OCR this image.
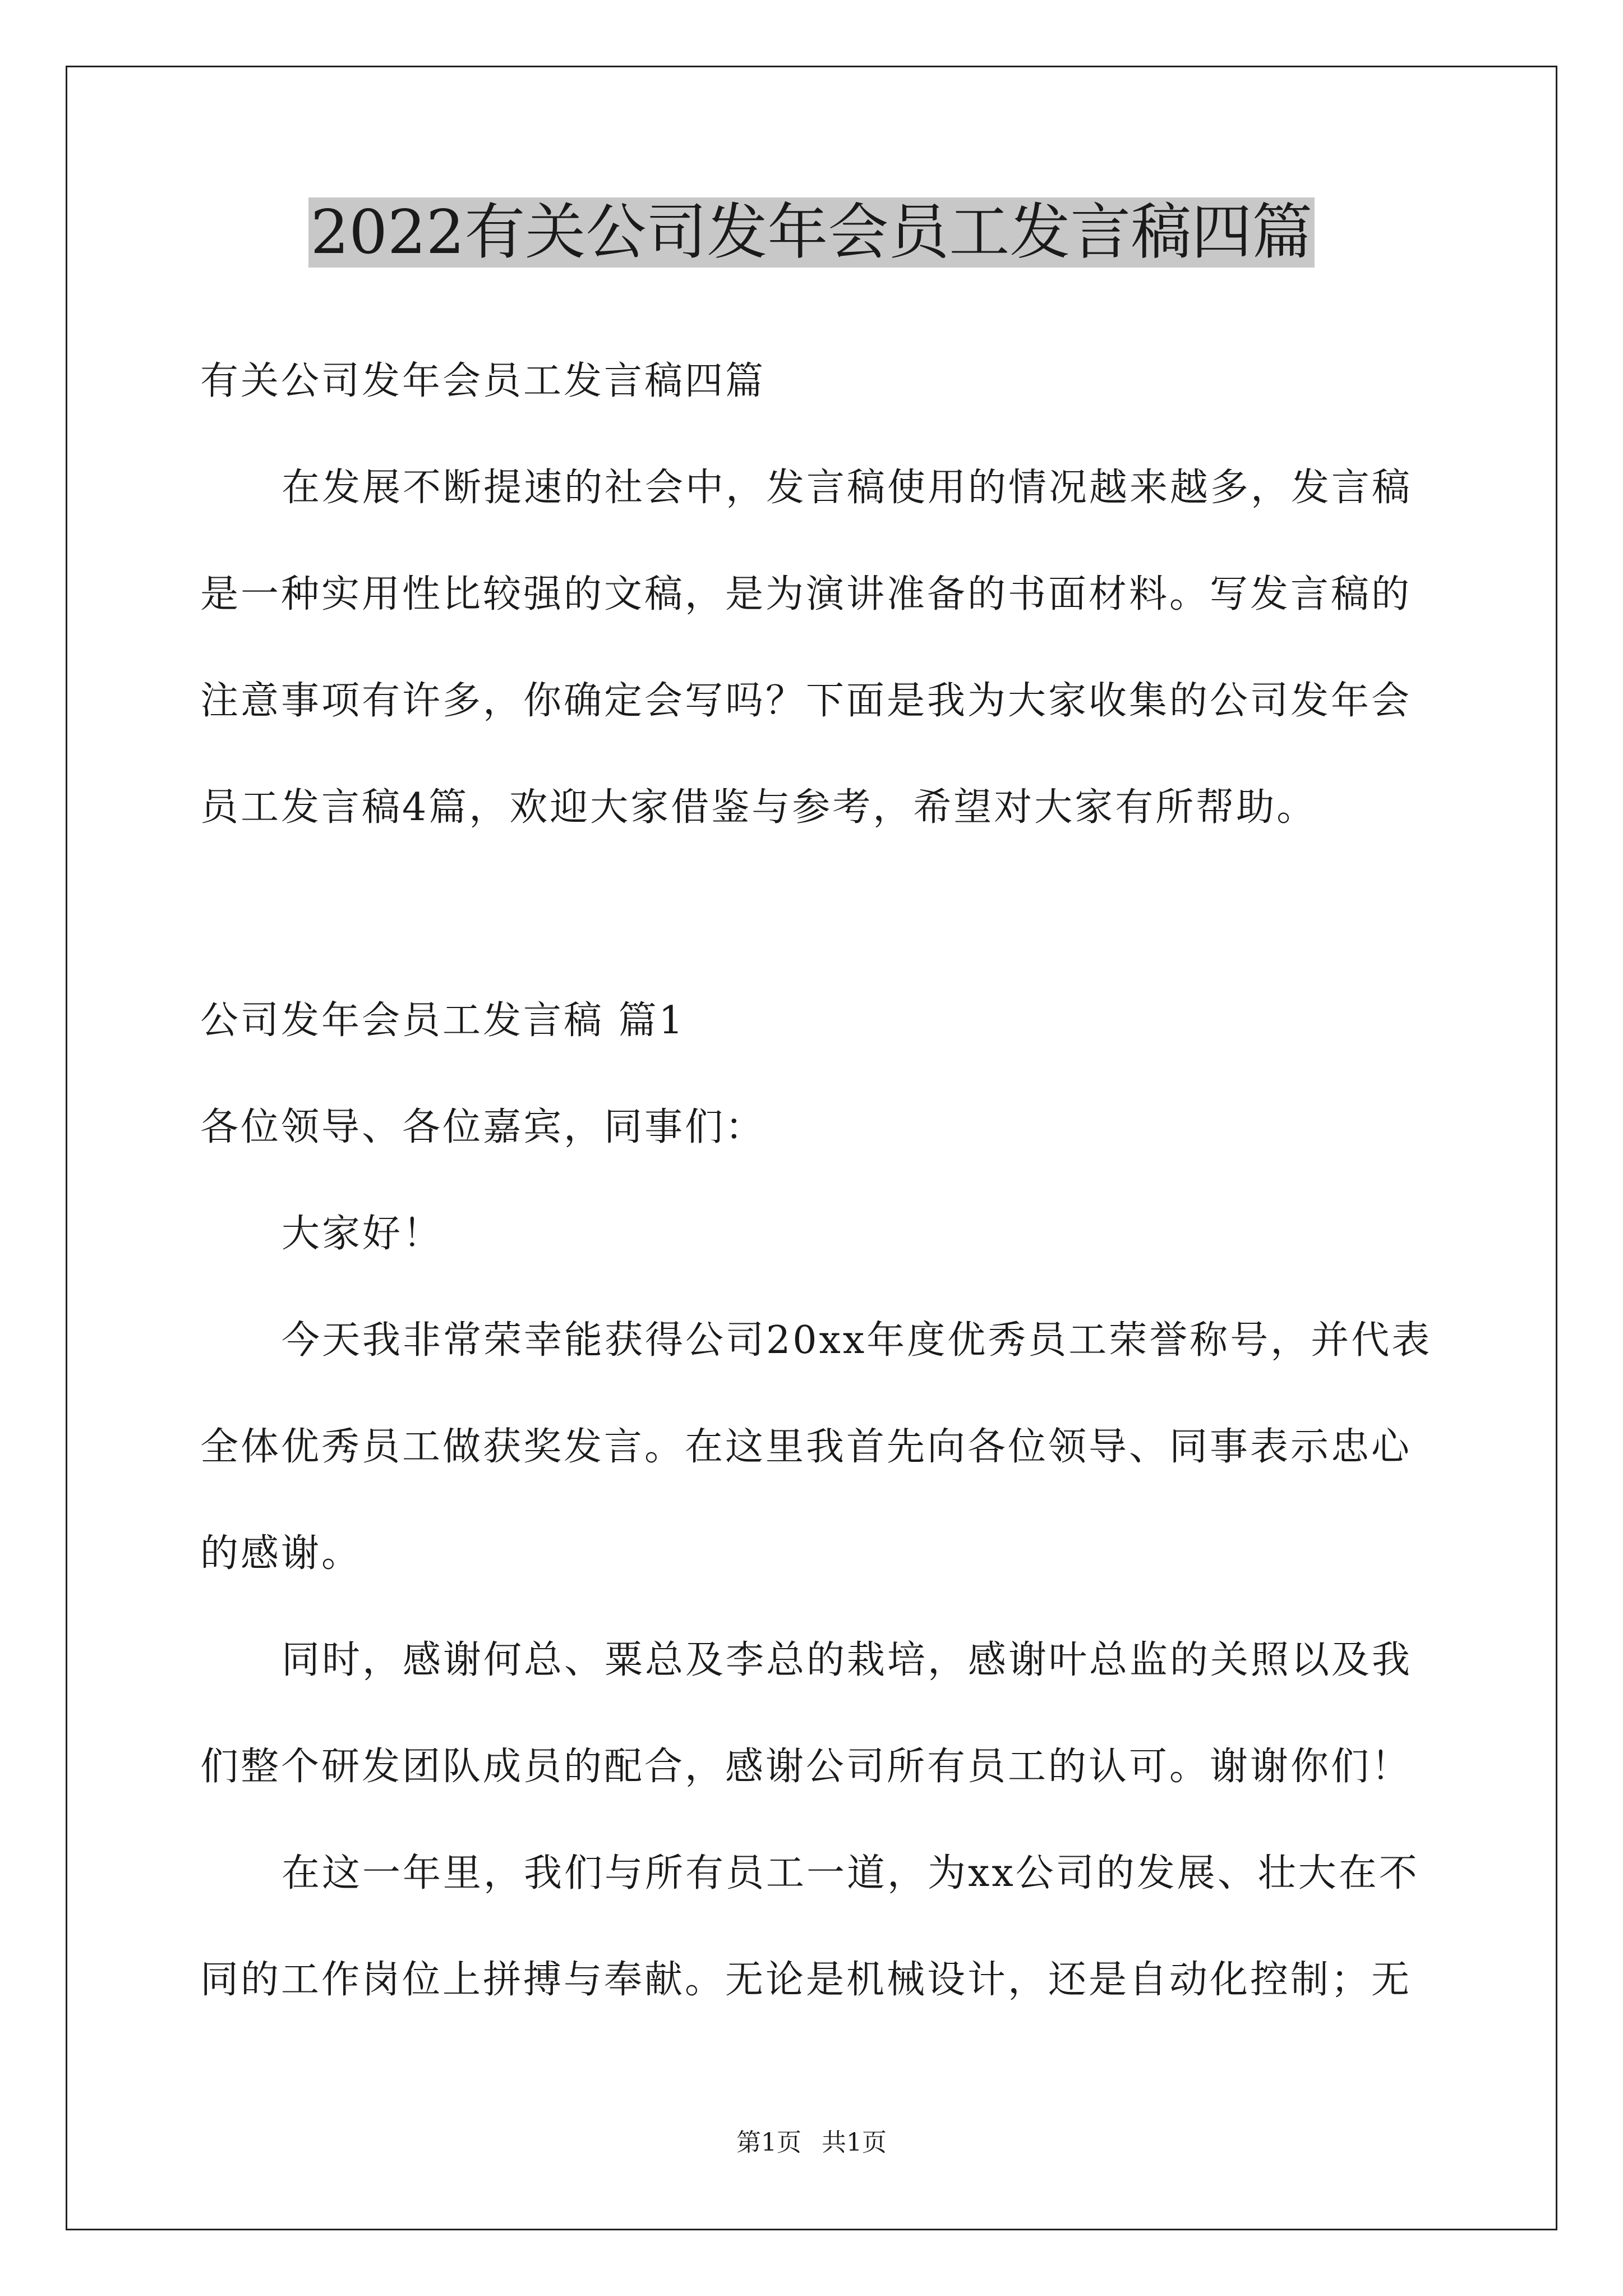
2022有关公司发年会员工发言稿四篇
有关公司发年会员工发言稿四篇
在发展不断提速的社会中，发言稿使用的情况越来越多，发言稿
是一种实用性比较强的文稿，是为演讲准备的书面材料。写发言稿的
注意事项有许多，你确定会写吗？下面是我为大家收集的公司发年会
员工发言稿4篇，欢迎大家借鉴与参考，希望对大家有所帮助。
公司发年会员工发言稿 篇1
各位领导、各位嘉宾，同事们：
大家好！
今天我非常荣幸能获得公司20xx年度优秀员工荣誉称号，并代表
全体优秀员工做获奖发言。在这里我首先向各位领导、同事表示忠心
的感谢。
同时，感谢何总、粟总及李总的栽培，感谢叶总监的关照以及我
们整个研发团队成员的配合，感谢公司所有员工的认可。谢谢你们！
在这一年里，我们与所有员工一道，为xx公司的发展、壮大在不
同的工作岗位上拼搏与奉献。无论是机械设计，还是自动化控制；无
第1页 共1页
